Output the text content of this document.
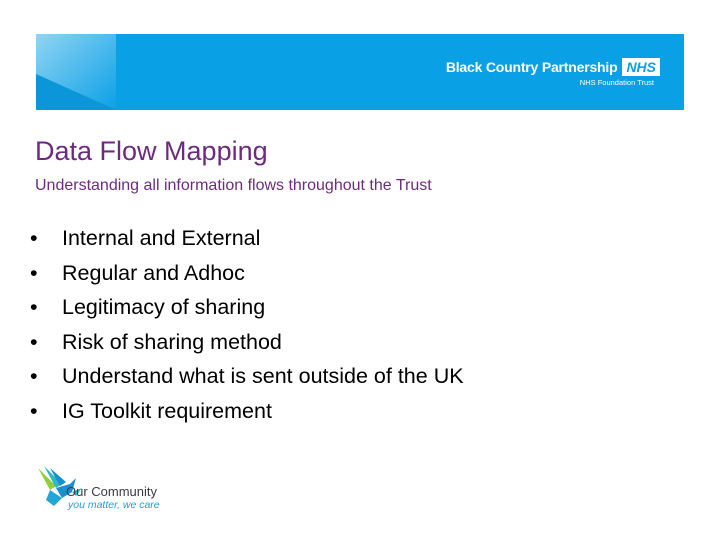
Black Country Partnership NHS
NHS Foundation Trust
Data Flow Mapping

Understanding all information flows throughout the Trust

•	Internal and External
•	Regular and Adhoc
•	Legitimacy of sharing
•	Risk of sharing method
•	Understand what is sent outside of the UK
•	IG Toolkit requirement
Our Community
you matter, we care
